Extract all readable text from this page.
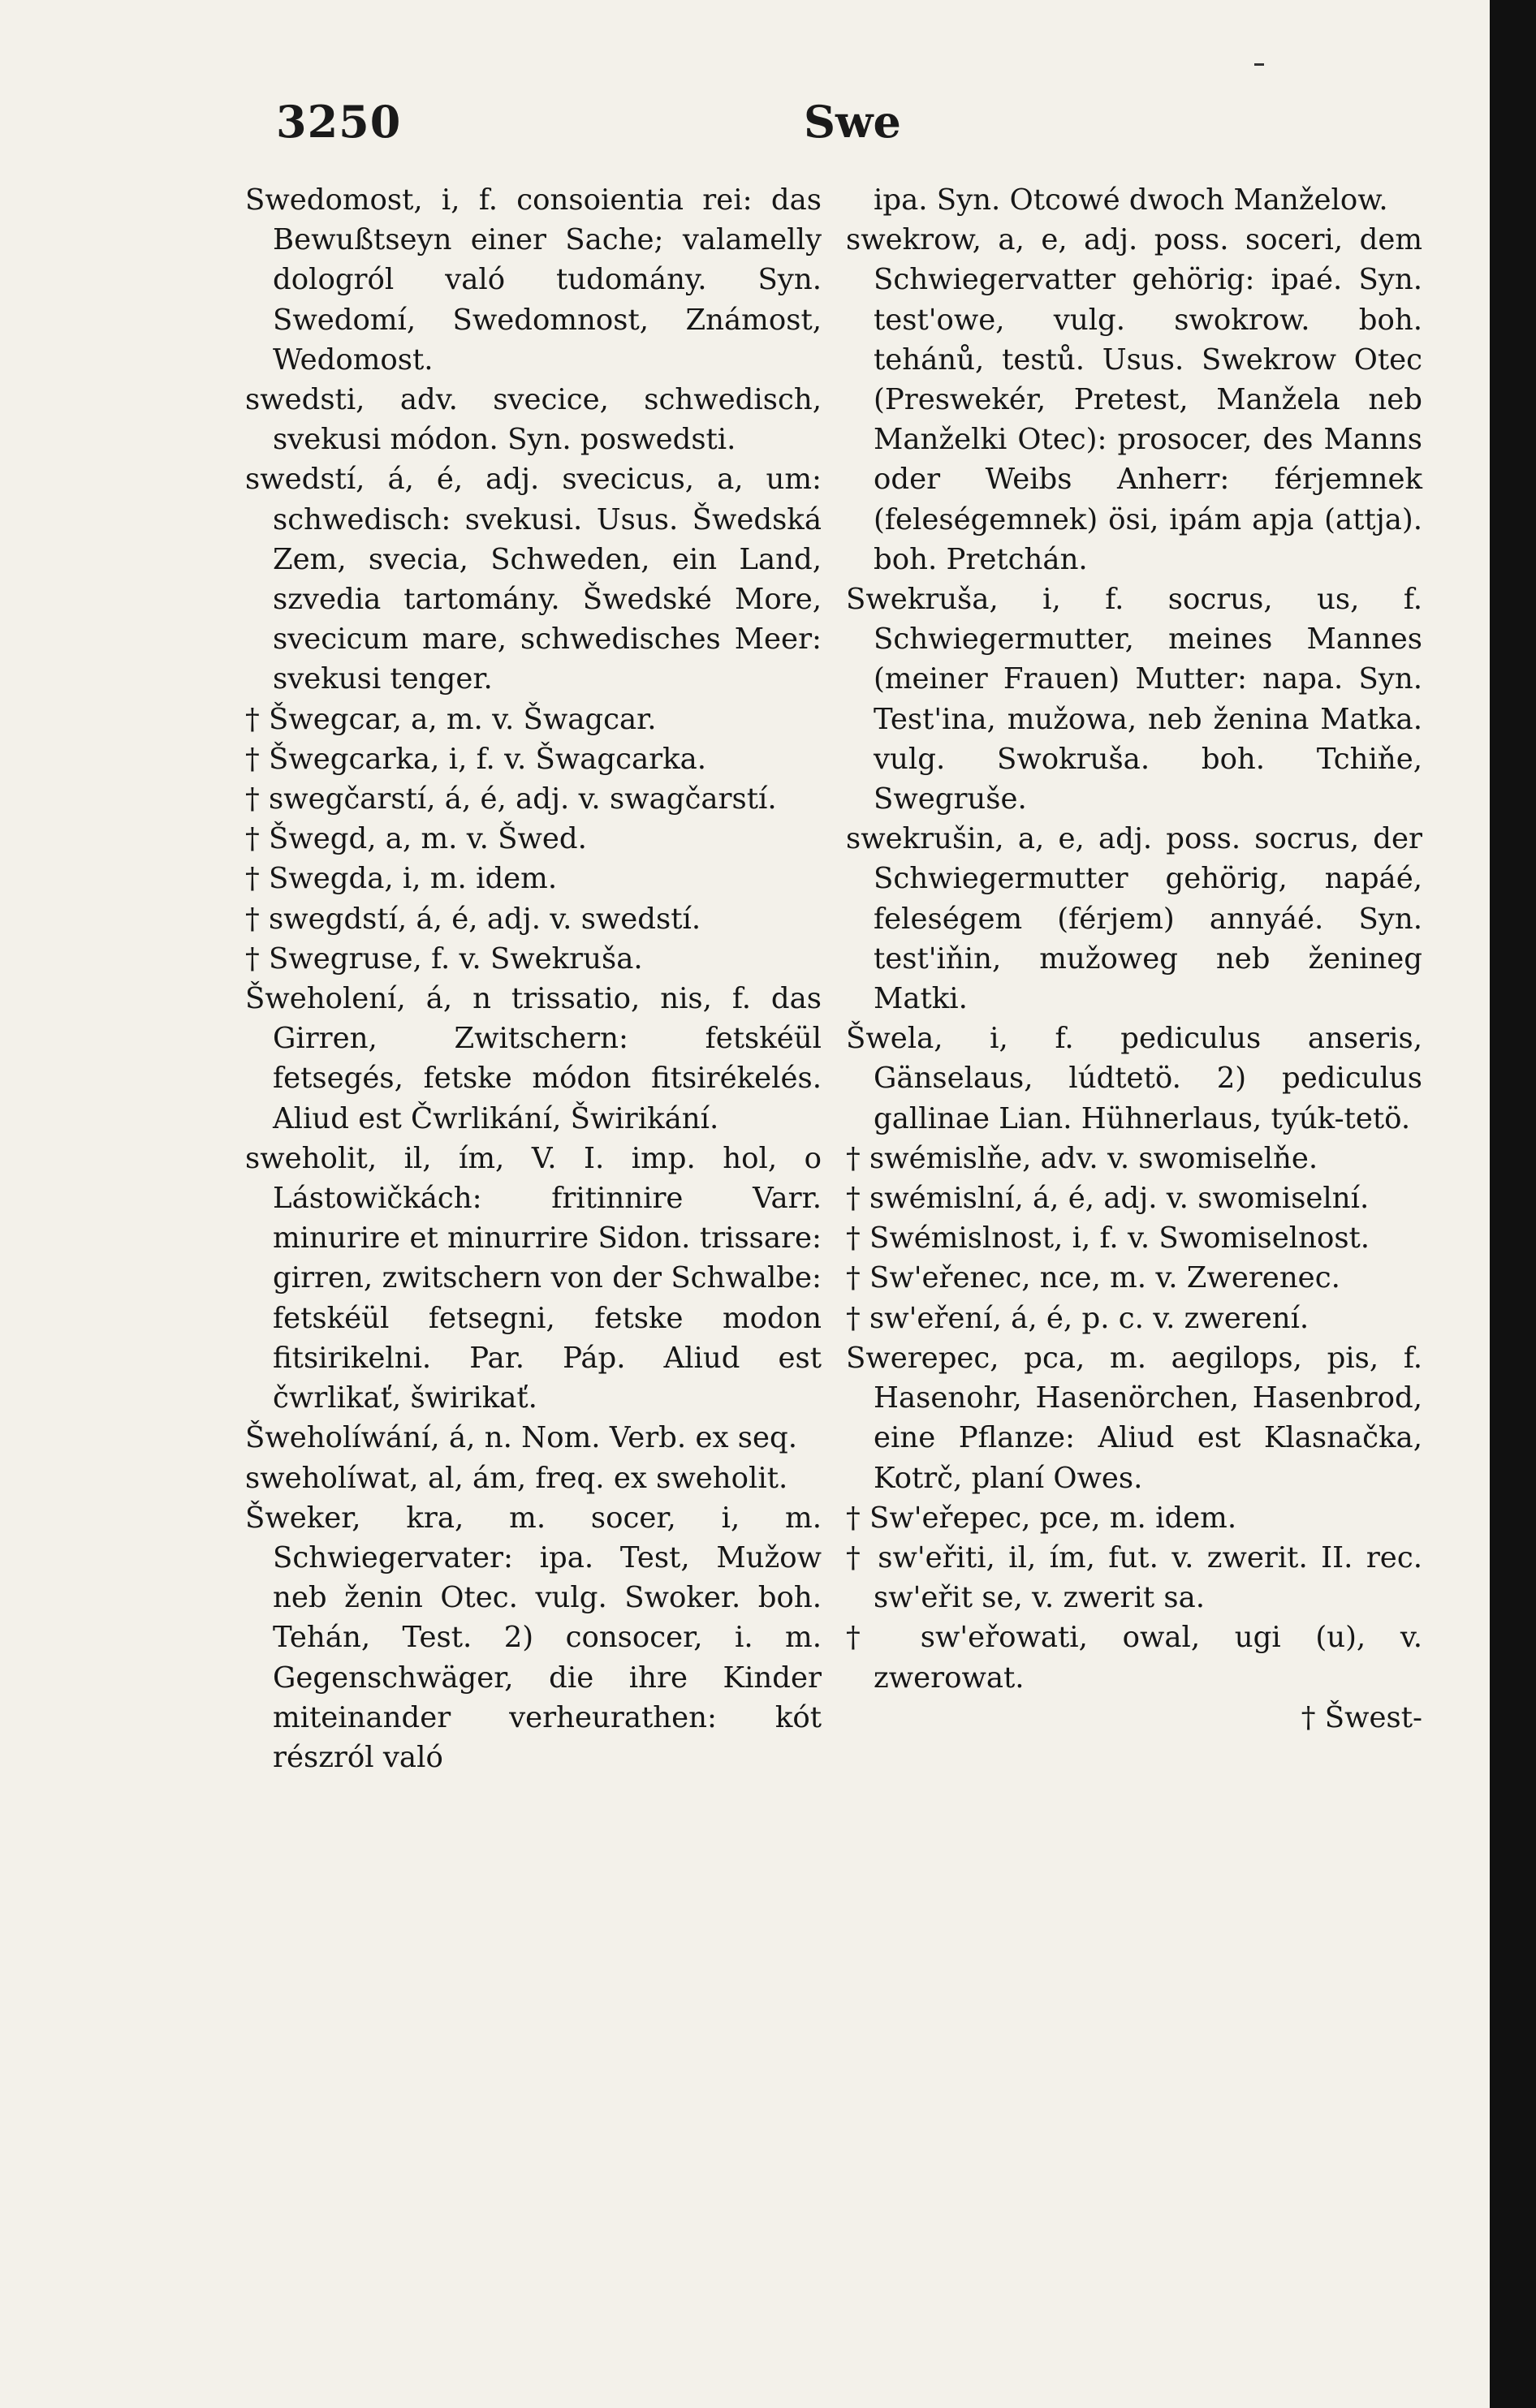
3250	Swe

Swedomost, i, f. consoientia rei: das Bewußtseyn einer Sache; valamelly dologról való tudomány. Syn. Swedomí, Swedomnost, Známost, Wedomost.

swedsti, adv. svecice, schwedisch, svekusi módon. Syn. poswedsti.

swedstí, á, é, adj. svecicus, a, um: schwedisch: svekusi. Usus. Šwedská Zem, svecia, Schweden, ein Land, szvedia tartomány. Šwedské More, svecicum mare, schwedisches Meer: svekusi tenger.

† Šwegcar, a, m. v. Šwagcar.

† Šwegcarka, i, f. v. Šwagcarka.

† swegčarstí, á, é, adj. v. swagčarstí.

† Šwegd, a, m. v. Šwed.

† Swegda, i, m. idem.

† swegdstí, á, é, adj. v. swedstí.

† Swegruse, f. v. Swekruša.

Šweholení, á, n trissatio, nis, f. das Girren, Zwitschern: fetskéül fetsegés, fetske módon fitsirékelés. Aliud est Čwrlikání, Šwirikání.

sweholit, il, ím, V. I. imp. hol, o Lástowičkách: fritinnire Varr. minurire et minurrire Sidon. trissare: girren, zwitschern von der Schwalbe: fetskéül fetsegni, fetske modon fitsirikelni. Par. Páp. Aliud est čwrlikať, šwirikať.

Šweholíwání, á, n. Nom. Verb. ex seq.

sweholíwat, al, ám, freq. ex sweholit.

Šweker, kra, m. socer, i, m. Schwiegervater: ipa. Test, Mužow neb ženin Otec. vulg. Swoker. boh. Tehán, Test. 2) consocer, i. m. Gegenschwäger, die ihre Kinder miteinander verheurathen: kót részról való

ipa. Syn. Otcowé dwoch Manželow.

swekrow, a, e, adj. poss. soceri, dem Schwiegervatter gehörig: ipaé. Syn. test'owe, vulg. swokrow. boh. tehánů, testů. Usus. Swekrow Otec (Preswekér, Pretest, Manžela neb Manželki Otec): prosocer, des Manns oder Weibs Anherr: férjemnek (feleségemnek) ösi, ipám apja (attja). boh. Pretchán.

Swekruša, i, f. socrus, us, f. Schwiegermutter, meines Mannes (meiner Frauen) Mutter: napa. Syn. Test'ina, mužowa, neb ženina Matka. vulg. Swokruša. boh. Tchiňe, Swegruše.

swekrušin, a, e, adj. poss. socrus, der Schwiegermutter gehörig, napáé, feleségem (férjem) annyáé. Syn. test'iňin, mužoweg neb ženineg Matki.

Šwela, i, f. pediculus anseris, Gänselaus, lúdtetö. 2) pediculus gallinae Lian. Hühnerlaus, tyúk-tetö.

† swémislňe, adv. v. swomiselňe.

† swémislní, á, é, adj. v. swomiselní.

† Swémislnost, i, f. v. Swomiselnost.

† Sw'eřenec, nce, m. v. Zwerenec.

† sw'eření, á, é, p. c. v. zwerení.

Swerepec, pca, m. aegilops, pis, f. Hasenohr, Hasenörchen, Hasenbrod, eine Pflanze: Aliud est Klasnačka, Kotrč, planí Owes.

† Sw'eřepec, pce, m. idem.

† sw'eřiti, il, ím, fut. v. zwerit. II. rec. sw'eřit se, v. zwerit sa.

† sw'eřowati, owal, ugi (u), v. zwerowat.

† Šwest-
